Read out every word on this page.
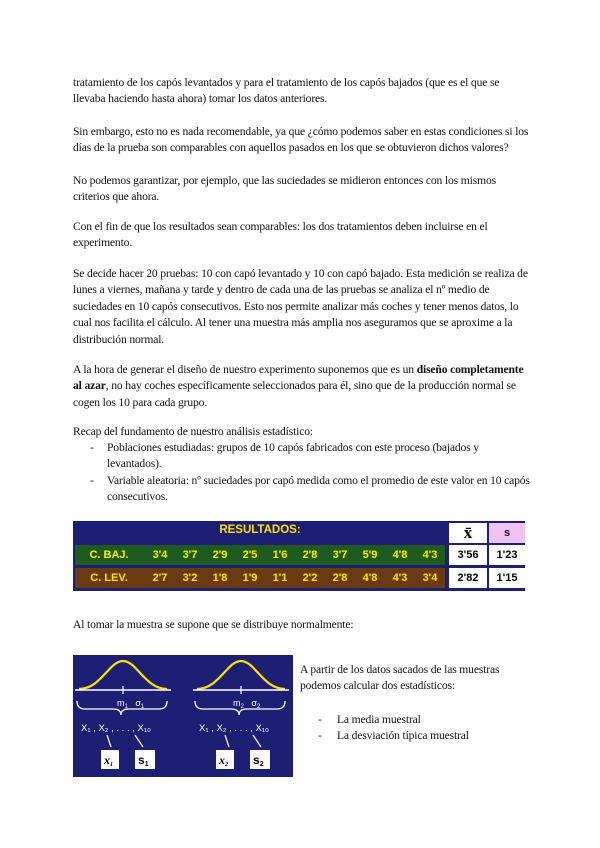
tratamiento de los capós levantados y para el tratamiento de los capós bajados (que es el que se llevaba haciendo hasta ahora) tomar los datos anteriores.

Sin embargo, esto no es nada recomendable, ya que ¿cómo podemos saber en estas condiciones si los días de la prueba son comparables con aquellos pasados en los que se obtuvieron dichos valores?

No podemos garantizar, por ejemplo, que las suciedades se midieron entonces con los mismos criterios que ahora.

Con el fin de que los resultados sean comparables: los dos tratamientos deben incluirse en el experimento.

Se decide hacer 20 pruebas: 10 con capó levantado y 10 con capó bajado. Esta medición se realiza de lunes a viernes, mañana y tarde y dentro de cada una de las pruebas se analiza el nº medio de suciedades en 10 capós consecutivos. Esto nos permite analizar más coches y tener menos datos, lo cual nos facilita el cálculo. Al tener una muestra más amplia nos aseguramos que se aproxime a la distribución normal.

A la hora de generar el diseño de nuestro experimento suponemos que es un diseño completamente al azar, no hay coches específicamente seleccionados para él, sino que de la producción normal se cogen los 10 para cada grupo.

Recap del fundamento de nuestro análisis estadístico:

- Poblaciones estudiadas: grupos de 10 capós fabricados con este proceso (bajados y levantados).
- Variable aleatoria: nº suciedades por capó medida como el promedio de este valor en 10 capós consecutivos.
RESULTADOS:	x̄	s
C. BAJ.	3'4	3'7	2'9	2'5	1'6	2'8	3'7	5'9	4'8	4'3	3'56	1'23
C. LEV.	2'7	3'2	1'8	1'9	1'1	2'2	2'8	4'8	4'3	3'4	2'82	1'15

Al tomar la muestra se supone que se distribuye normalmente:

$m_1$ $\sigma_1$
X₁ , X₂ , . . . , X₁₀
x1 s1
$m_2$ $\sigma_2$
X₁ , X₂ , . . . , X₁₀
x2 s2
A partir de los datos sacados de las muestras podemos calcular dos estadísticos:
- La media muestral
- La desviación típica muestral
